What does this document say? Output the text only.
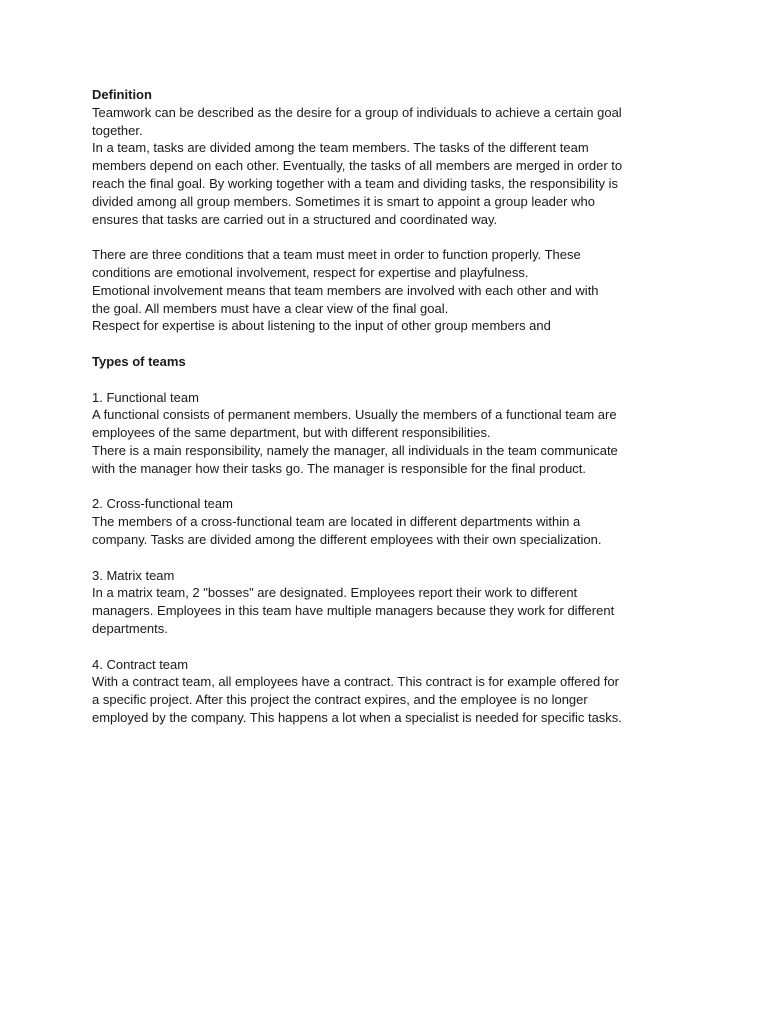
Definition
Teamwork can be described as the desire for a group of individuals to achieve a certain goal
together.
In a team, tasks are divided among the team members. The tasks of the different team
members depend on each other. Eventually, the tasks of all members are merged in order to
reach the final goal. By working together with a team and dividing tasks, the responsibility is
divided among all group members. Sometimes it is smart to appoint a group leader who
ensures that tasks are carried out in a structured and coordinated way.
There are three conditions that a team must meet in order to function properly. These
conditions are emotional involvement, respect for expertise and playfulness.
Emotional involvement means that team members are involved with each other and with
the goal. All members must have a clear view of the final goal.
Respect for expertise is about listening to the input of other group members and
Types of teams
1. Functional team
A functional consists of permanent members. Usually the members of a functional team are
employees of the same department, but with different responsibilities.
There is a main responsibility, namely the manager, all individuals in the team communicate
with the manager how their tasks go. The manager is responsible for the final product.
2. Cross-functional team
The members of a cross-functional team are located in different departments within a
company. Tasks are divided among the different employees with their own specialization.
3. Matrix team
In a matrix team, 2 "bosses" are designated. Employees report their work to different
managers. Employees in this team have multiple managers because they work for different
departments.
4. Contract team
With a contract team, all employees have a contract. This contract is for example offered for
a specific project. After this project the contract expires, and the employee is no longer
employed by the company. This happens a lot when a specialist is needed for specific tasks.
